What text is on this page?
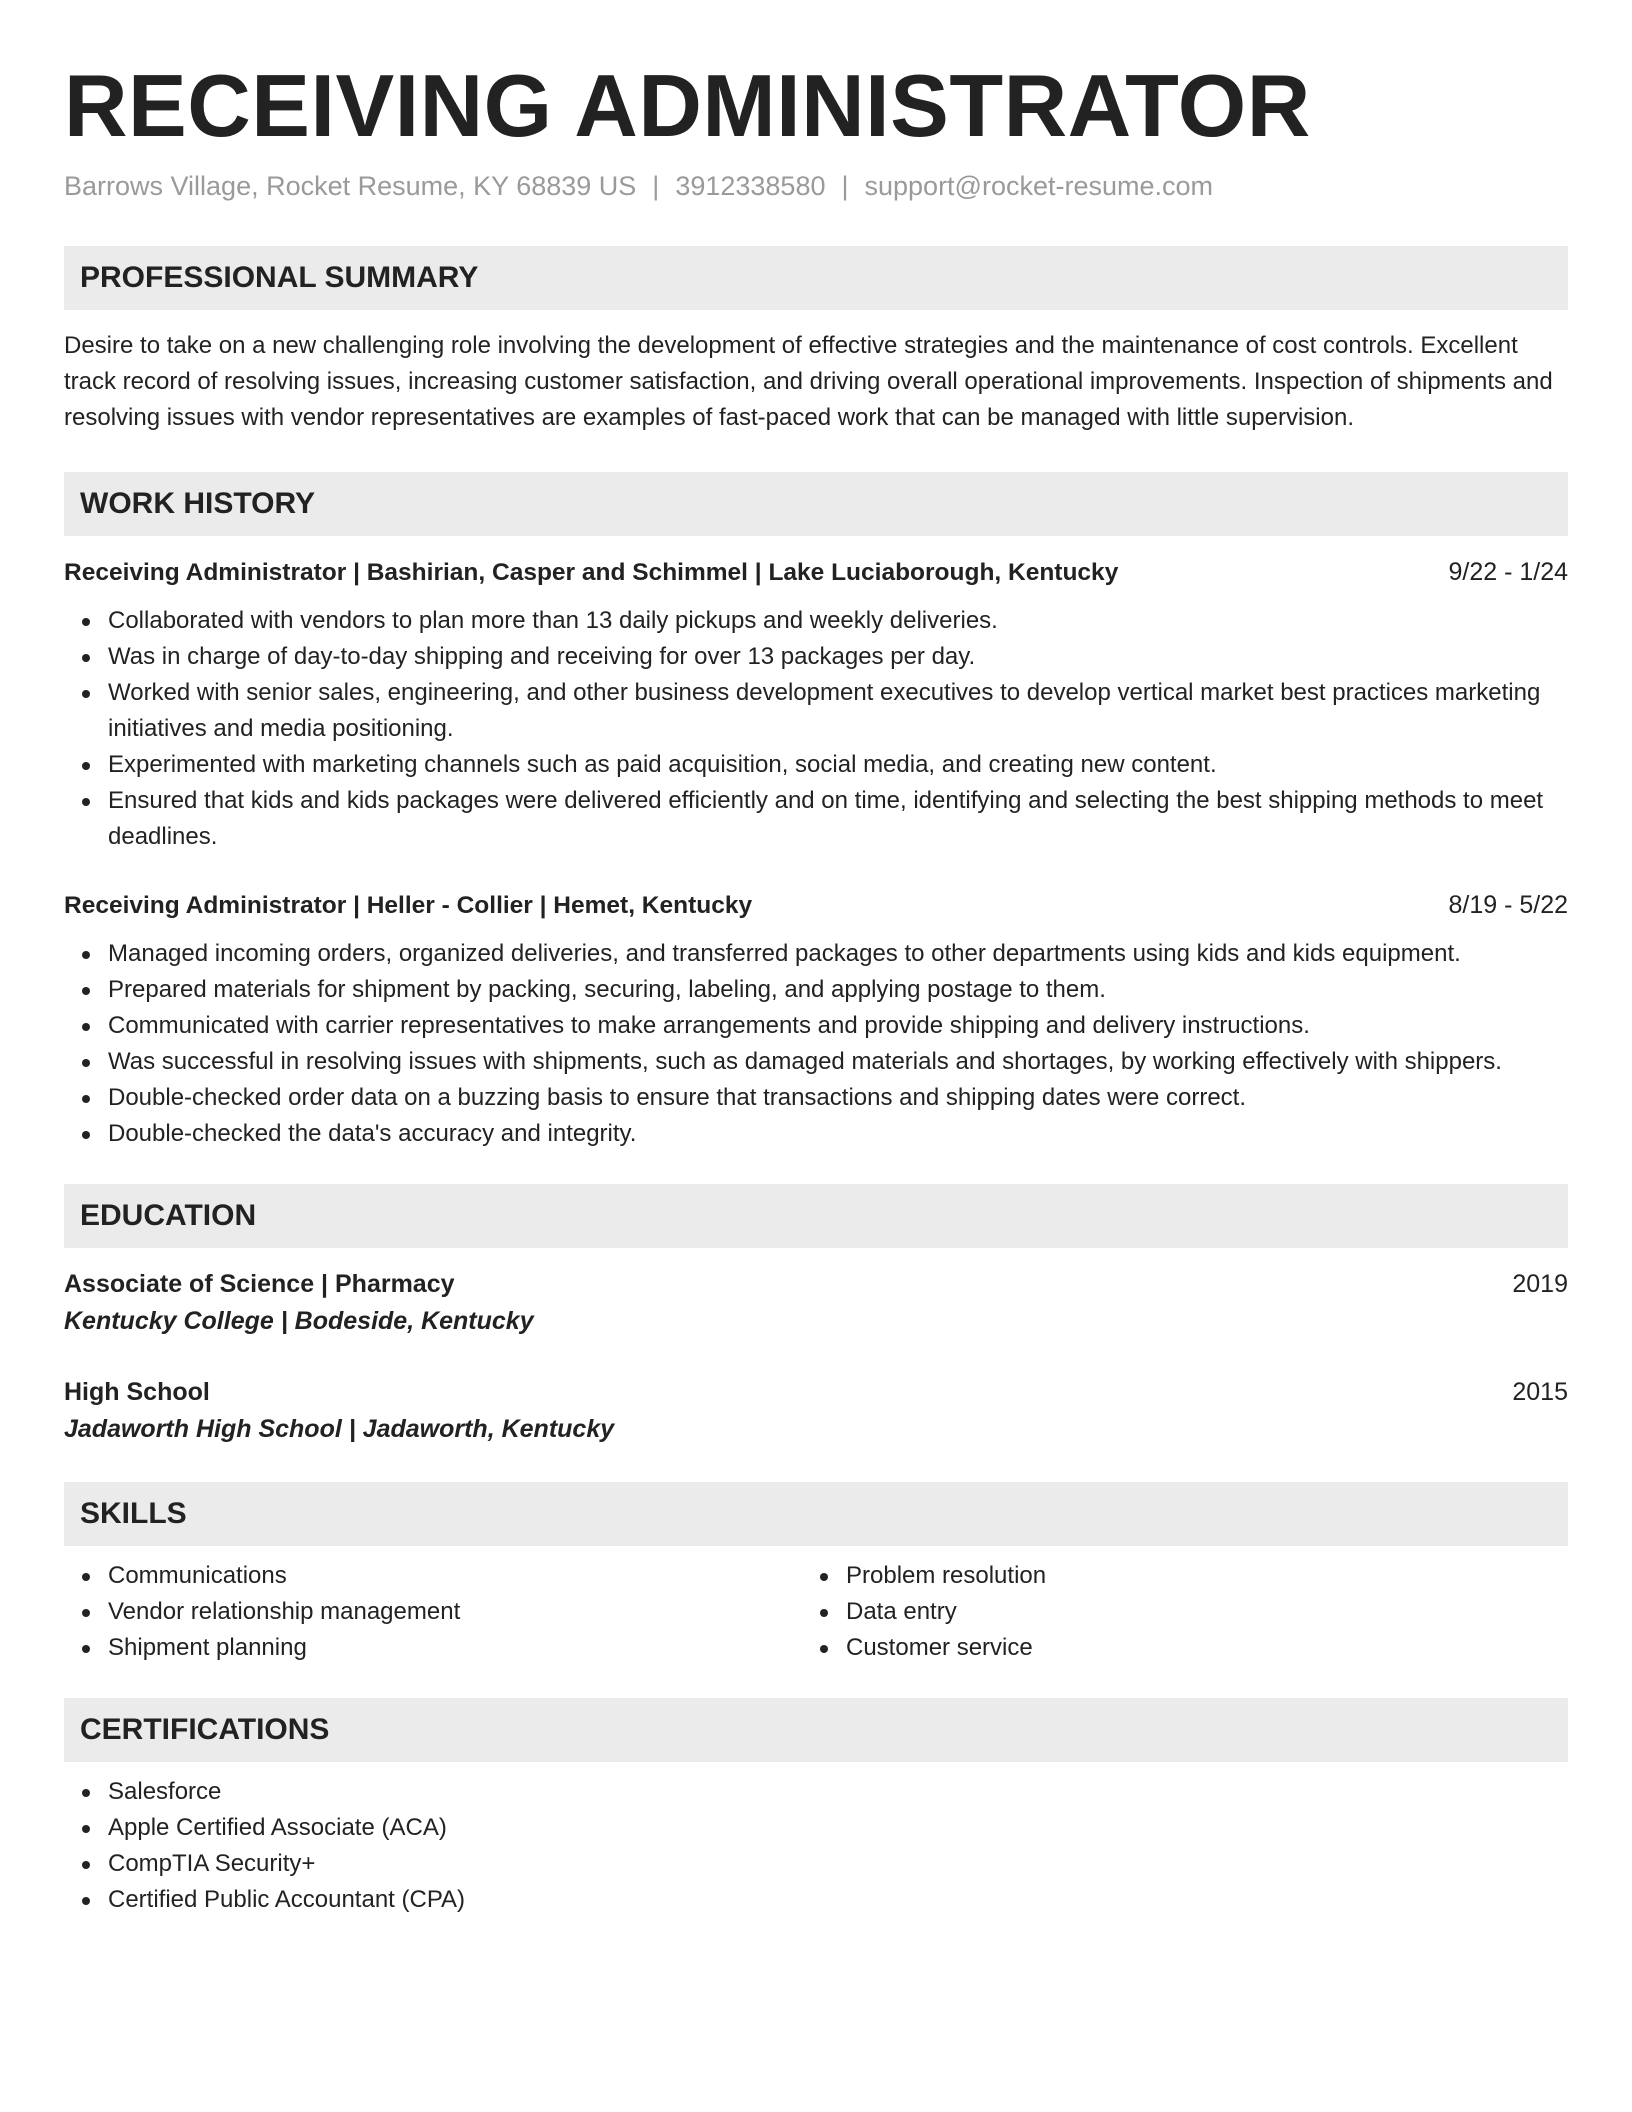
RECEIVING ADMINISTRATOR
Barrows Village, Rocket Resume, KY 68839 US | 3912338580 | support@rocket-resume.com
PROFESSIONAL SUMMARY
Desire to take on a new challenging role involving the development of effective strategies and the maintenance of cost controls. Excellent track record of resolving issues, increasing customer satisfaction, and driving overall operational improvements. Inspection of shipments and resolving issues with vendor representatives are examples of fast-paced work that can be managed with little supervision.
WORK HISTORY
Receiving Administrator | Bashirian, Casper and Schimmel | Lake Luciaborough, Kentucky	9/22 - 1/24
Collaborated with vendors to plan more than 13 daily pickups and weekly deliveries.
Was in charge of day-to-day shipping and receiving for over 13 packages per day.
Worked with senior sales, engineering, and other business development executives to develop vertical market best practices marketing initiatives and media positioning.
Experimented with marketing channels such as paid acquisition, social media, and creating new content.
Ensured that kids and kids packages were delivered efficiently and on time, identifying and selecting the best shipping methods to meet deadlines.
Receiving Administrator | Heller - Collier | Hemet, Kentucky	8/19 - 5/22
Managed incoming orders, organized deliveries, and transferred packages to other departments using kids and kids equipment.
Prepared materials for shipment by packing, securing, labeling, and applying postage to them.
Communicated with carrier representatives to make arrangements and provide shipping and delivery instructions.
Was successful in resolving issues with shipments, such as damaged materials and shortages, by working effectively with shippers.
Double-checked order data on a buzzing basis to ensure that transactions and shipping dates were correct.
Double-checked the data's accuracy and integrity.
EDUCATION
Associate of Science | Pharmacy	2019
Kentucky College | Bodeside, Kentucky
High School	2015
Jadaworth High School | Jadaworth, Kentucky
SKILLS
Communications
Vendor relationship management
Shipment planning
Problem resolution
Data entry
Customer service
CERTIFICATIONS
Salesforce
Apple Certified Associate (ACA)
CompTIA Security+
Certified Public Accountant (CPA)
